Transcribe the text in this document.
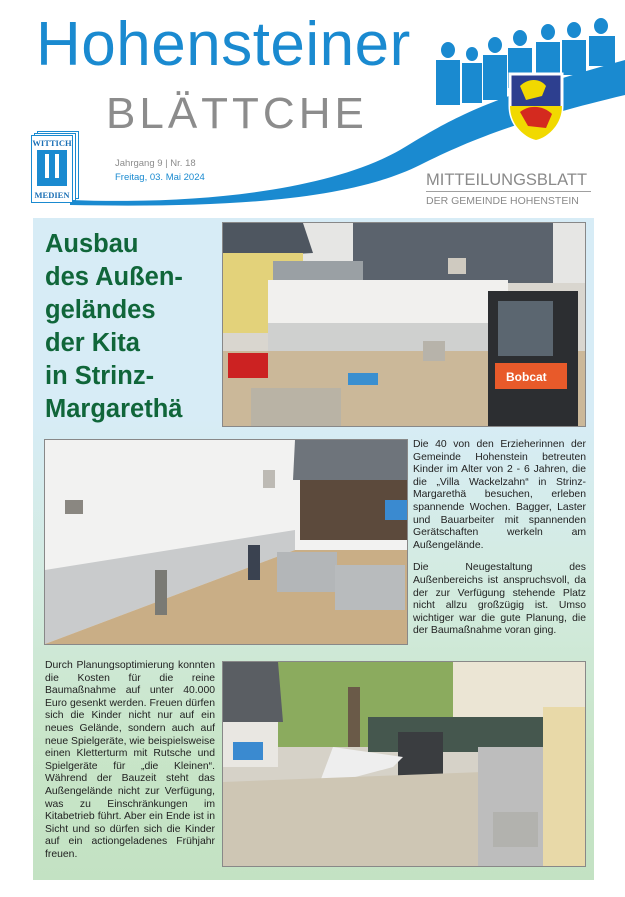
Hohensteiner
BLÄTTCHE
WITTICH
MEDIEN
Jahrgang 9 | Nr. 18
Freitag, 03. Mai 2024	MITTEILUNGSBLATT
DER GEMEINDE HOHENSTEIN
Ausbau
des Außen-
geländes
der Kita
in Strinz-
Margarethä
Bobcat

Die 40 von den Erzieherinnen der Gemeinde Hohenstein betreuten Kinder im Alter von 2 - 6 Jahren, die die „Villa Wackelzahn“ in Strinz-Margarethä besuchen, erleben spannende Wochen. Bagger, Laster und Bauarbeiter mit spannenden Gerätschaften werkeln am Außengelände.

Die Neugestaltung des Außenbereichs ist anspruchsvoll, da der zur Verfügung stehende Platz nicht allzu großzügig ist. Umso wichtiger war die gute Planung, die der Baumaßnahme voran ging.

Durch Planungsoptimierung konnten die Kosten für die reine Baumaßnahme auf unter 40.000 Euro gesenkt werden. Freuen dürfen sich die Kinder nicht nur auf ein neues Gelände, sondern auch auf neue Spielgeräte, wie beispielsweise einen Kletterturm mit Rutsche und Spielgeräte für „die Kleinen“. Während der Bauzeit steht das Außengelände nicht zur Verfügung, was zu Einschränkungen im Kitabetrieb führt. Aber ein Ende ist in Sicht und so dürfen sich die Kinder auf ein actiongeladenes Frühjahr freuen.
